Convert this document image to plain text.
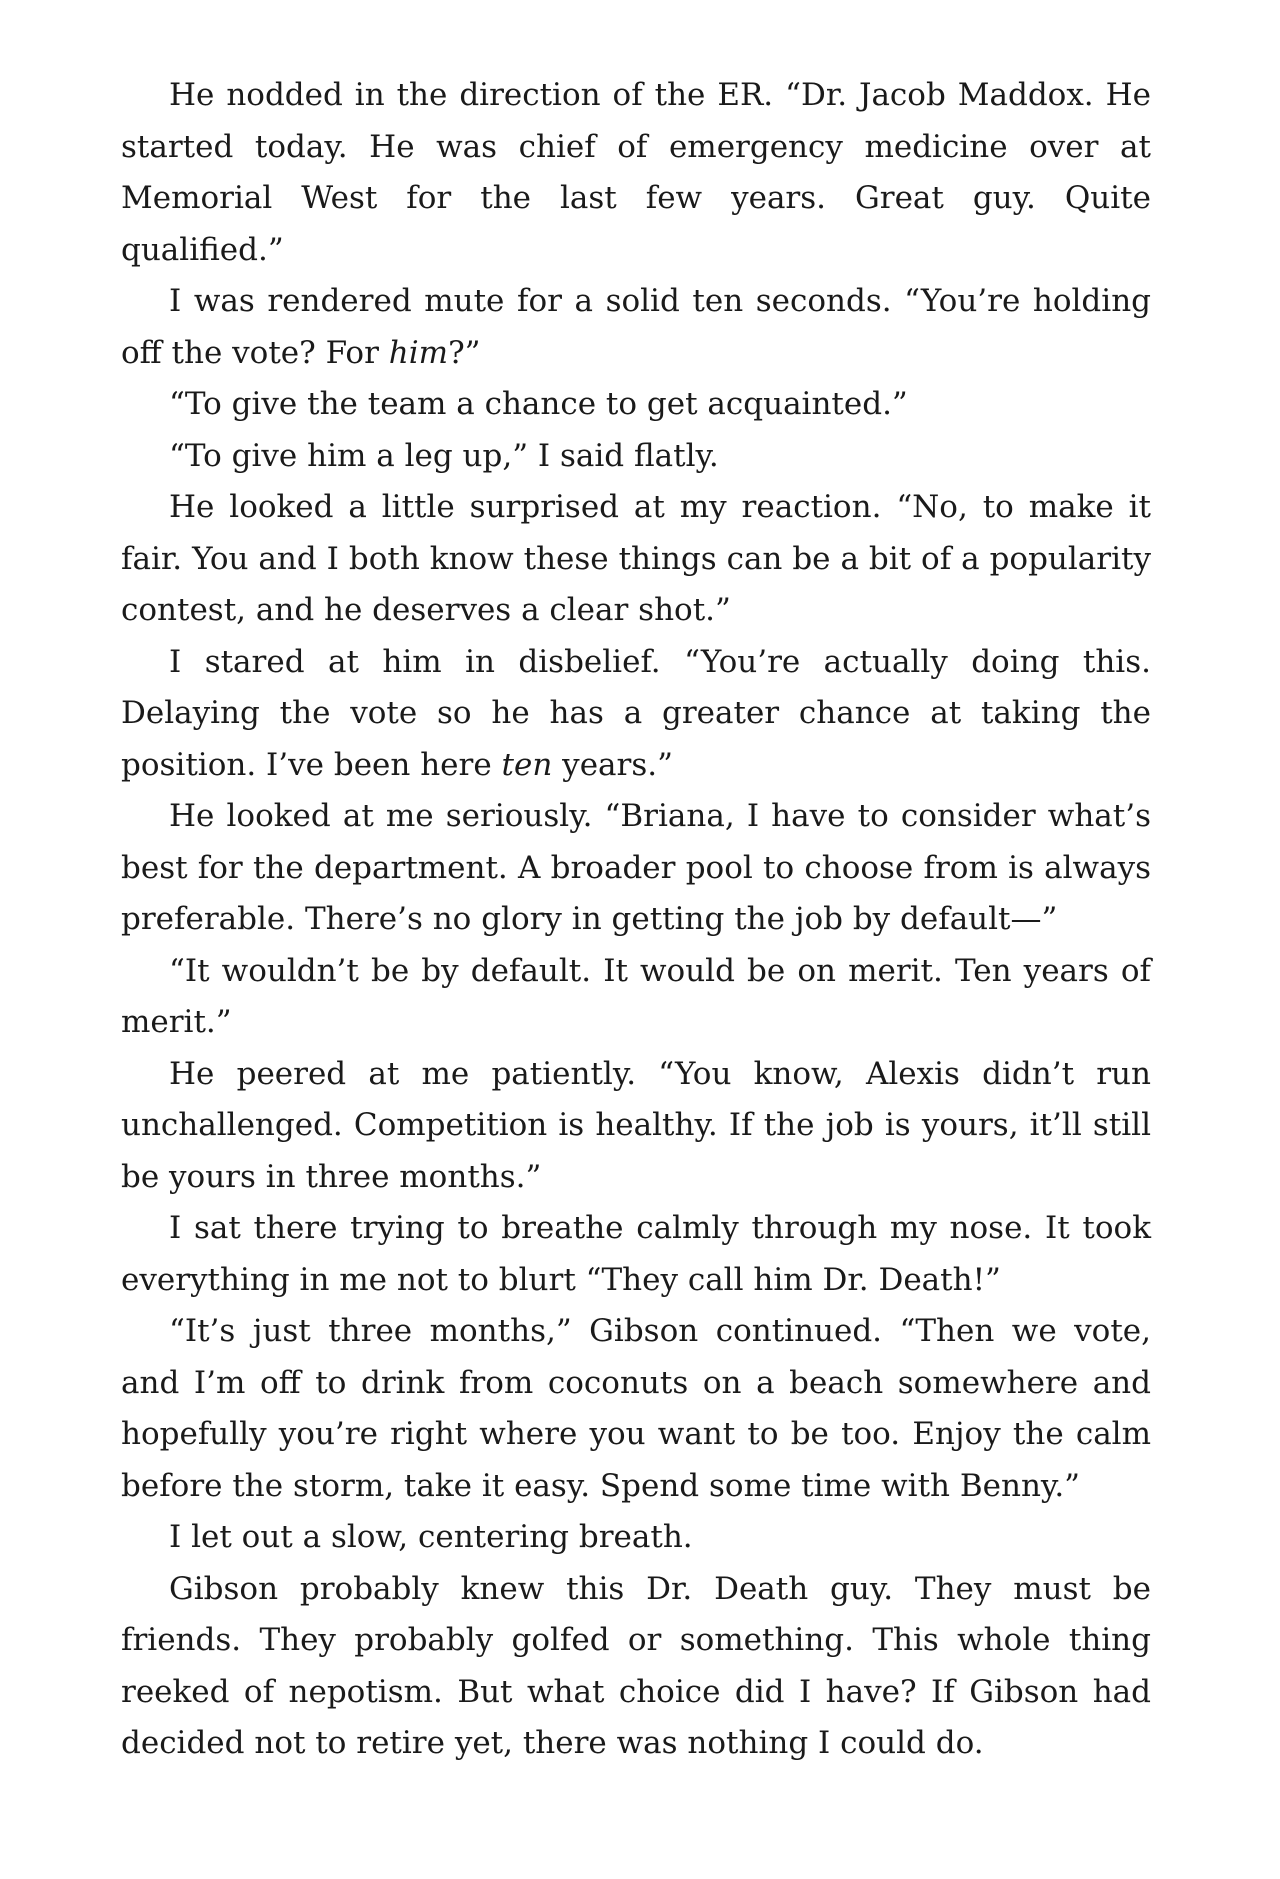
He nodded in the direction of the ER. “Dr. Jacob Maddox. He started today. He was chief of emergency medicine over at Memorial West for the last few years. Great guy. Quite qualified.”

I was rendered mute for a solid ten seconds. “You’re holding off the vote? For him?”

“To give the team a chance to get acquainted.”

“To give him a leg up,” I said flatly.

He looked a little surprised at my reaction. “No, to make it fair. You and I both know these things can be a bit of a popularity contest, and he deserves a clear shot.”

I stared at him in disbelief. “You’re actually doing this. Delaying the vote so he has a greater chance at taking the position. I’ve been here ten years.”

He looked at me seriously. “Briana, I have to consider what’s best for the department. A broader pool to choose from is always preferable. There’s no glory in getting the job by default—”

“It wouldn’t be by default. It would be on merit. Ten years of merit.”

He peered at me patiently. “You know, Alexis didn’t run unchallenged. Competition is healthy. If the job is yours, it’ll still be yours in three months.”

I sat there trying to breathe calmly through my nose. It took everything in me not to blurt “They call him Dr. Death!”

“It’s just three months,” Gibson continued. “Then we vote, and I’m off to drink from coconuts on a beach somewhere and hopefully you’re right where you want to be too. Enjoy the calm before the storm, take it easy. Spend some time with Benny.”

I let out a slow, centering breath.

Gibson probably knew this Dr. Death guy. They must be friends. They probably golfed or something. This whole thing reeked of nepotism. But what choice did I have? If Gibson had decided not to retire yet, there was nothing I could do.
